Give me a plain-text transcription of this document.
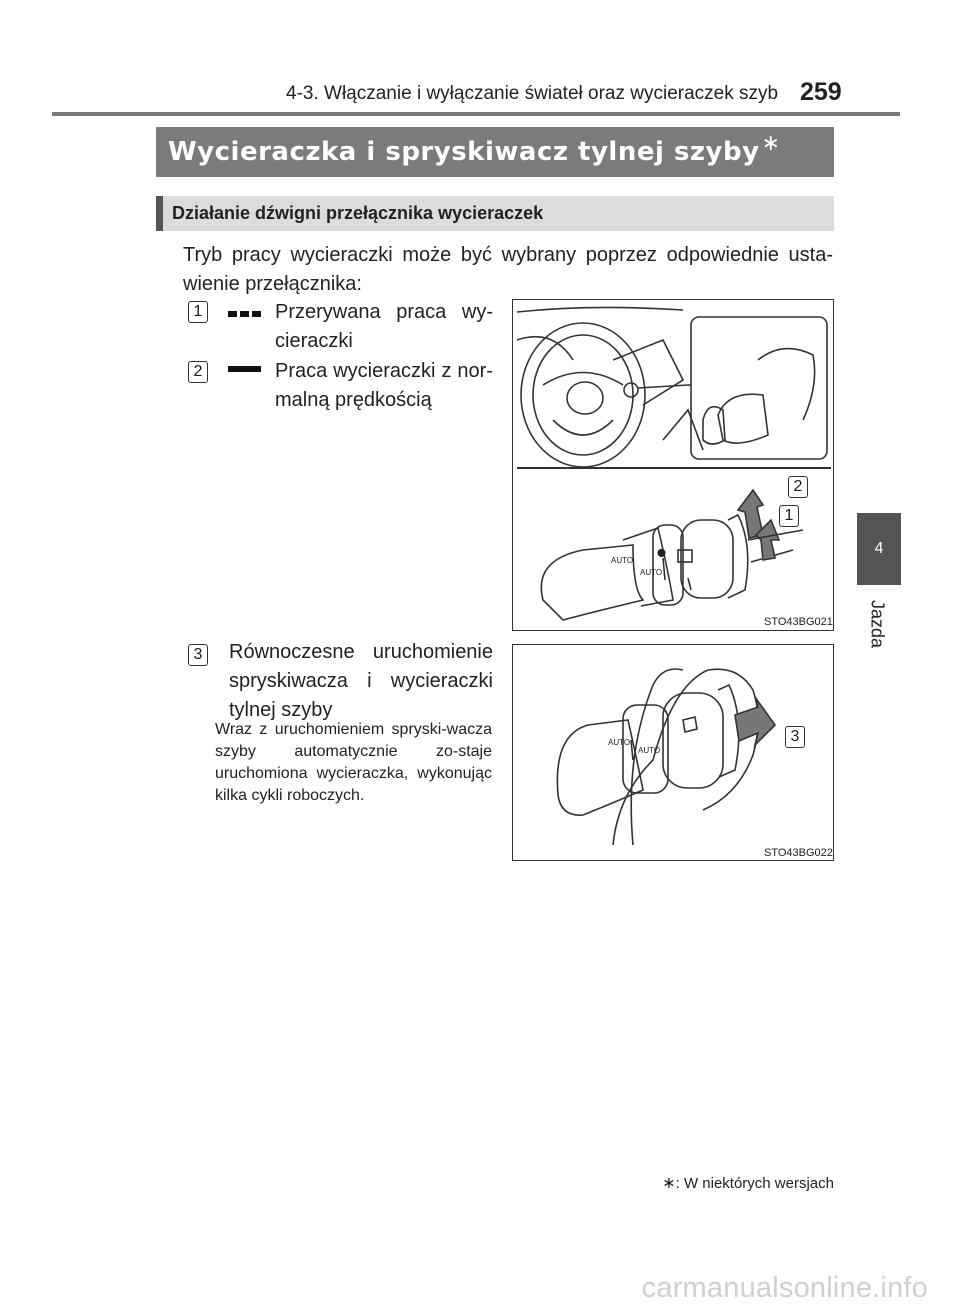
4-3. Włączanie i wyłączanie świateł oraz wycieraczek szyb 259
4
Jazda
Wycieraczka i spryskiwacz tylnej szyby∗
Działanie dźwigni przełącznika wycieraczek
Tryb pracy wycieraczki może być wybrany poprzez odpowiednie usta-wienie przełącznika:
1	Przerywana praca wy-cieraczki
2	Praca wycieraczki z nor-malną prędkością
3 Równoczesne uruchomienie spryskiwacza i wycieraczki tylnej szyby
Wraz z uruchomieniem spryski-wacza szyby automatycznie zo-staje uruchomiona wycieraczka, wykonując kilka cykli roboczych.
AUTO
AUTO
⬤
2
1
STO43BG021
AUTO
AUTO
3
STO43BG022
∗: W niektórych wersjach
carmanualsonline.info
